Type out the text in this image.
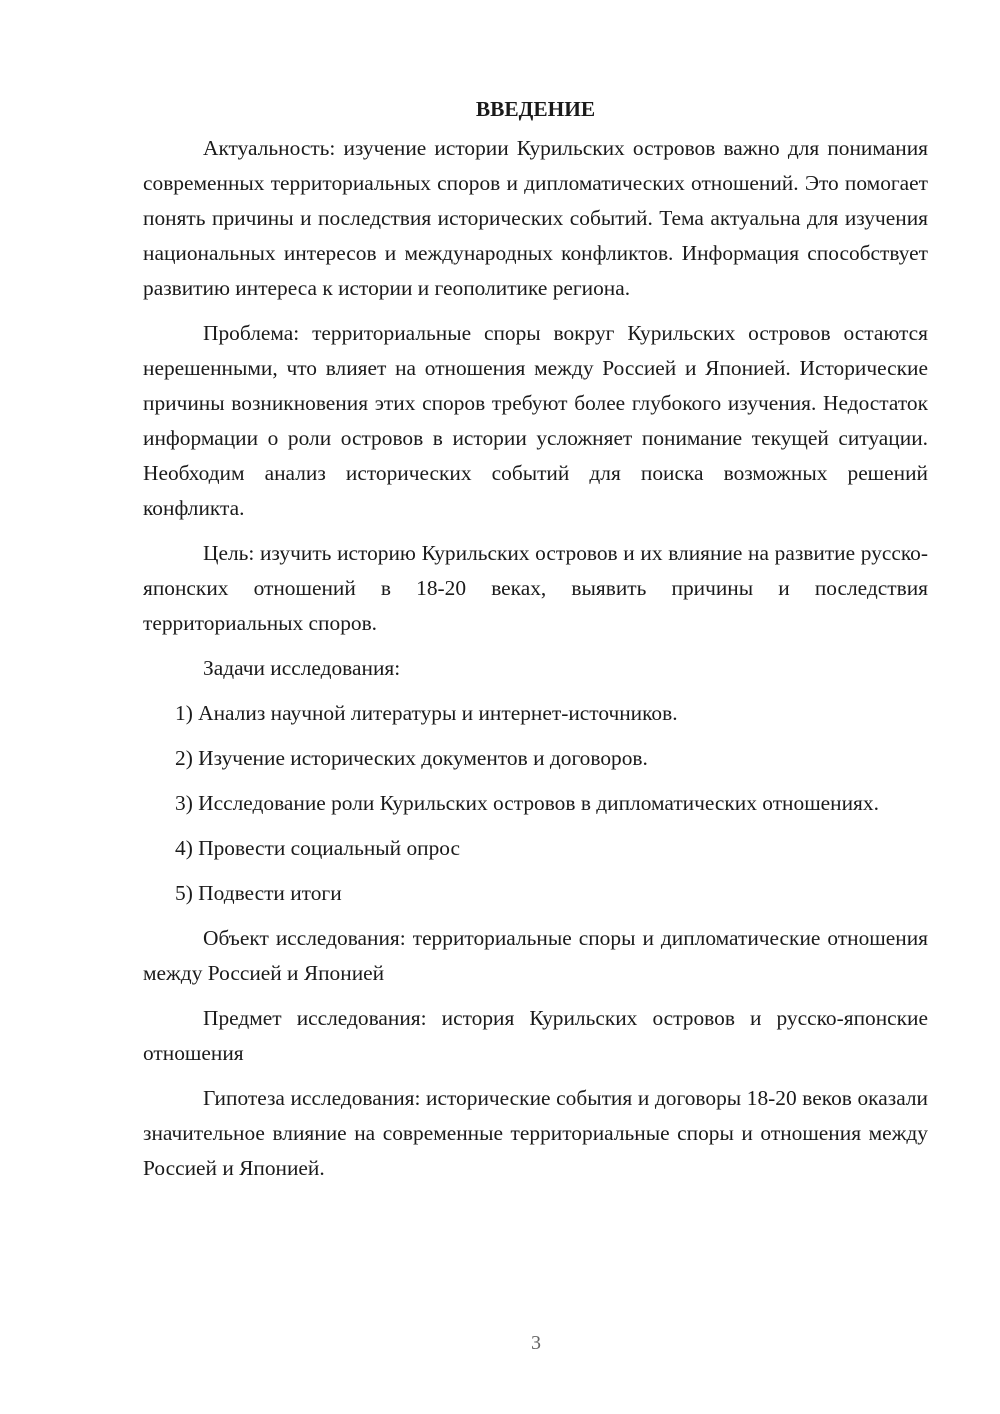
ВВЕДЕНИЕ

Актуальность: изучение истории Курильских островов важно для понимания современных территориальных споров и дипломатических отношений. Это помогает понять причины и последствия исторических событий. Тема актуальна для изучения национальных интересов и международных конфликтов. Информация способствует развитию интереса к истории и геополитике региона.

Проблема: территориальные споры вокруг Курильских островов остаются нерешенными, что влияет на отношения между Россией и Японией. Исторические причины возникновения этих споров требуют более глубокого изучения. Недостаток информации о роли островов в истории усложняет понимание текущей ситуации. Необходим анализ исторических событий для поиска возможных решений конфликта.

Цель: изучить историю Курильских островов и их влияние на развитие русско-японских отношений в 18-20 веках, выявить причины и последствия территориальных споров.

Задачи исследования:

1) Анализ научной литературы и интернет-источников.

2) Изучение исторических документов и договоров.

3) Исследование роли Курильских островов в дипломатических отношениях.

4) Провести социальный опрос

5) Подвести итоги

Объект исследования: территориальные споры и дипломатические отношения между Россией и Японией

Предмет исследования: история Курильских островов и русско-японские отношения

Гипотеза исследования: исторические события и договоры 18-20 веков оказали значительное влияние на современные территориальные споры и отношения между Россией и Японией.

3
